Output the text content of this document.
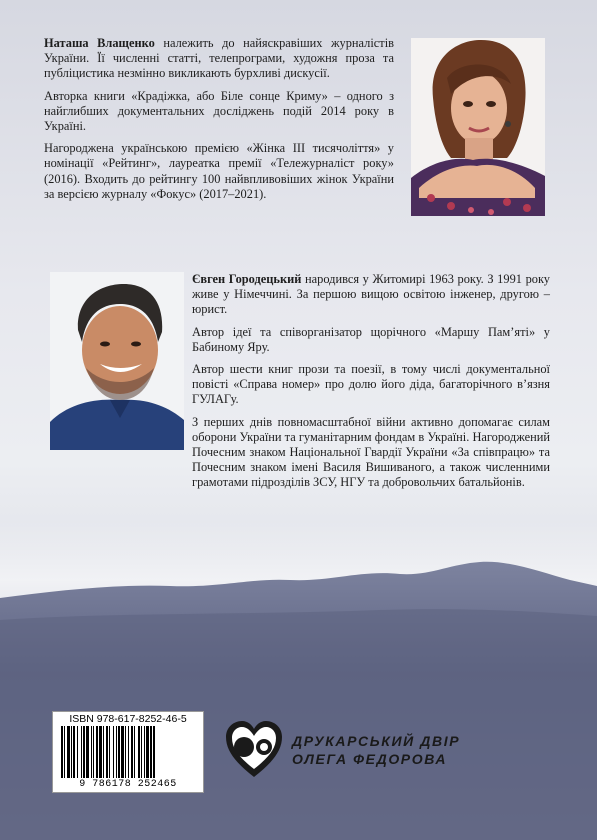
Наташа Влащенко належить до найяскравіших журналістів України. Її численні статті, телепрограми, художня проза та публіцистика незмінно викликають бурхливі дискусії.

Авторка книги «Крадіжка, або Біле сонце Криму» – одного з найглибших документальних досліджень подій 2014 року в Україні.

Нагороджена українською премією «Жінка ІІІ тисячоліття» у номінації «Рейтинг», лауреатка премії «Тележурналіст року» (2016). Входить до рейтингу 100 найвпливовіших жінок України за версією журналу «Фокус» (2017–2021).

Євген Городецький народився у Житомирі 1963 року. З 1991 року живе у Німеччині. За першою вищою освітою інженер, другою – юрист.

Автор ідеї та співорганізатор щорічного «Маршу Пам’яті» у Бабиному Яру.

Автор шести книг прози та поезії, в тому числі документальної повісті «Справа номер» про долю його діда, багаторічного в’язня ГУЛАГу.

З перших днів повномасштабної війни активно допомагає силам оборони України та гуманітарним фондам в Україні. Нагороджений Почесним знаком Національної Гвардії України «За співпрацю» та Почесним знаком імені Василя Вишиваного, а також численними грамотами підрозділів ЗСУ, НГУ та добровольчих батальйонів.

ISBN 978-617-8252-46-5
9 786178 252465
ДРУКАРСЬКИЙ ДВІР
ОЛЕГА ФЕДОРОВА
